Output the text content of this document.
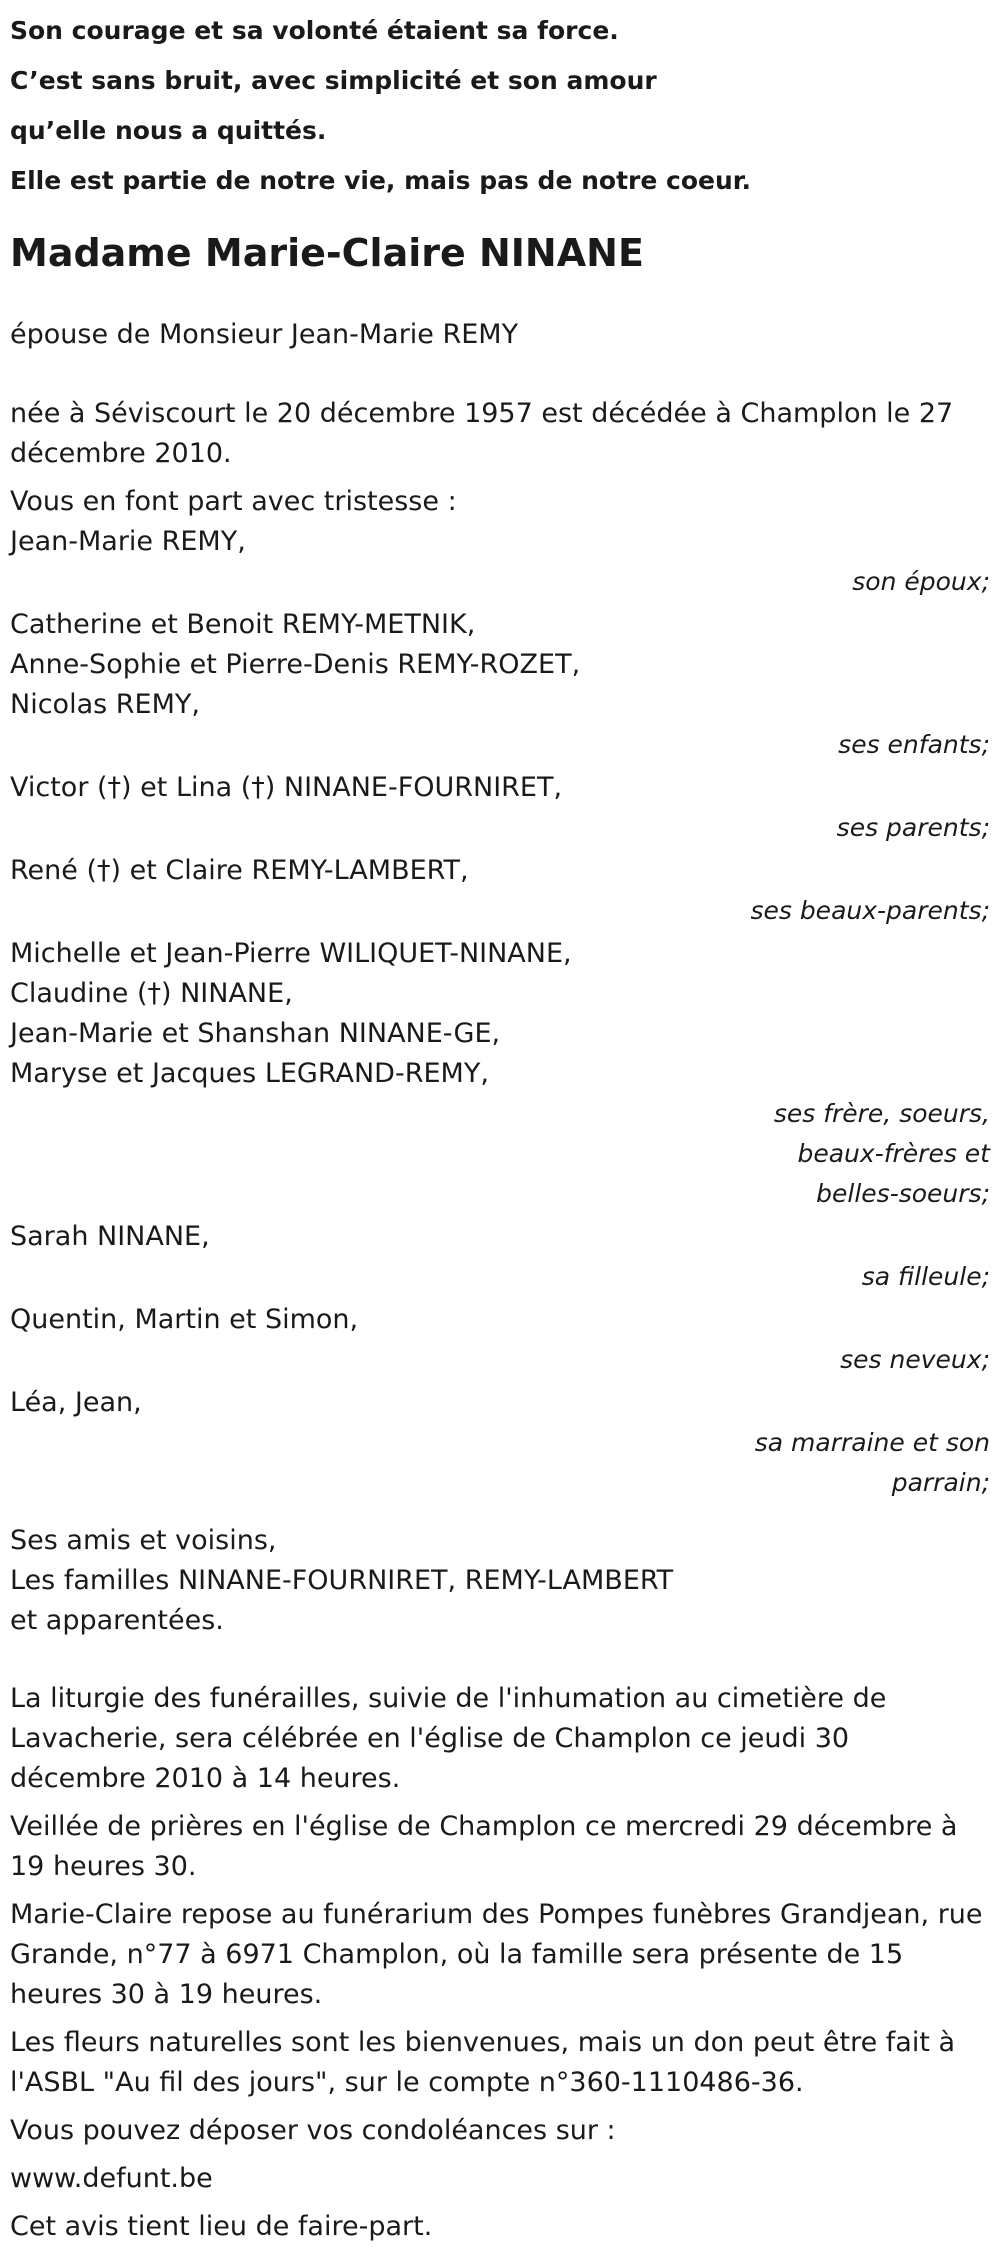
Son courage et sa volonté étaient sa force.
C’est sans bruit, avec simplicité et son amour
qu’elle nous a quittés.
Elle est partie de notre vie, mais pas de notre coeur.
Madame Marie-Claire NINANE
épouse de Monsieur Jean-Marie REMY
née à Séviscourt le 20 décembre 1957 est décédée à Champlon le 27 décembre 2010.
Vous en font part avec tristesse :
Jean-Marie REMY,
son époux;
Catherine et Benoit REMY-METNIK,
Anne-Sophie et Pierre-Denis REMY-ROZET,
Nicolas REMY,
ses enfants;
Victor (†) et Lina (†) NINANE-FOURNIRET,
ses parents;
René (†) et Claire REMY-LAMBERT,
ses beaux-parents;
Michelle et Jean-Pierre WILIQUET-NINANE,
Claudine (†) NINANE,
Jean-Marie et Shanshan NINANE-GE,
Maryse et Jacques LEGRAND-REMY,
ses frère, soeurs,
beaux-frères et
belles-soeurs;
Sarah NINANE,
sa filleule;
Quentin, Martin et Simon,
ses neveux;
Léa, Jean,
sa marraine et son
parrain;
Ses amis et voisins,
Les familles NINANE-FOURNIRET, REMY-LAMBERT
et apparentées.
La liturgie des funérailles, suivie de l'inhumation au cimetière de Lavacherie, sera célébrée en l'église de Champlon ce jeudi 30 décembre 2010 à 14 heures.
Veillée de prières en l'église de Champlon ce mercredi 29 décembre à 19 heures 30.
Marie-Claire repose au funérarium des Pompes funèbres Grandjean, rue Grande, n°77 à 6971 Champlon, où la famille sera présente de 15 heures 30 à 19 heures.
Les fleurs naturelles sont les bienvenues, mais un don peut être fait à l'ASBL "Au fil des jours", sur le compte n°360-1110486-36.
Vous pouvez déposer vos condoléances sur :
www.defunt.be
Cet avis tient lieu de faire-part.
